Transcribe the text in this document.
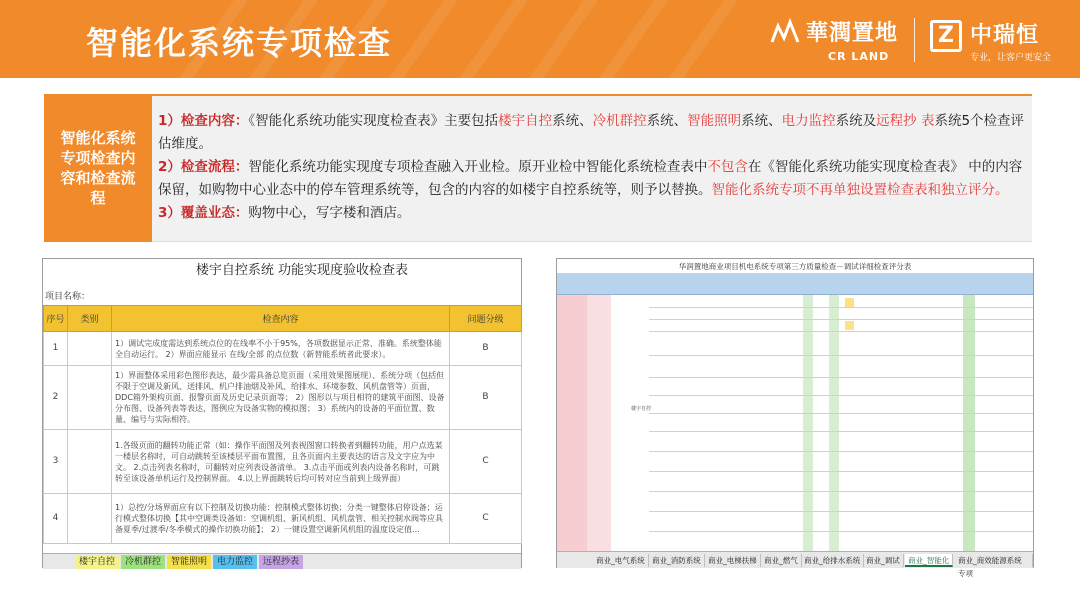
智能化系统专项检查	華潤置地
CR LAND
Z 中瑞恒
专业，让客户更安全
智能化系统专项检查内容和检查流程
1）检查内容：《智能化系统功能实现度检查表》主要包括楼宇自控系统、冷机群控系统、智能照明系统、电力监控系统及远程抄 表系统5个检查评估维度。
2）检查流程：智能化系统功能实现度专项检查融入开业检。原开业检中智能化系统检查表中不包含在《智能化系统功能实现度检查表》 中的内容保留，如购物中心业态中的停车管理系统等，包含的内容的如楼宇自控系统等，则予以替换。智能化系统专项不再单独设置检查表和独立评分。
3）覆盖业态：购物中心，写字楼和酒店。
楼宇自控系统 功能实现度验收检查表
项目名称：
序号	类别	检查内容	问题分级
1		1）调试完成度需达到系统点位的在线率不小于95%，各项数据显示正常、准确。系统整体能全自动运行。 2）界面应能显示 在线/全部 的点位数（新替能系统者此要求）。	B
2		1）界面整体采用彩色图形表达，最少需具备总览页面（采用效果图展现）、系统分项（包括但不限于空调及新风、送排风、机户排油烟及补风、给排水、环境参数、风机盘管等）页面，DDC箱外架构页面、报警页面及历史记录页面等； 2）图形以与项目相符的建筑平面图、设备分布图、设备列表等表达，图例应为设备实物的模拟图； 3）系统内的设备的平面位置、数量、编号与实际相符。	B
3		1.各级页面的翻转功能正常（如：操作平面图及列表视图窗口转换者到翻转功能，用户点选某一楼层名称时，可自动跳转至该楼层平面布置图，且各页面内主要表达的语言及文字应为中文。 2.点击列表名称时，可翻转对应列表设备清单。 3.点击平面或列表内设备名称时，可跳转至该设备单机运行及控制界面。 4.以上界面跳转后均可转对应当前到上级界面）	C
4		1）总控/分场界面应有以下控制及切换功能：控制模式整体切换；分类一键整体启停设备；运行模式整体切换【其中空调类设备如：空调机组、新风机组、风机盘管、相关控制水阀等应具备夏季/过渡季/冬季模式的操作切换功能】； 2）一键设置空调新风机组的温度设定值...	C
楼宇自控	冷机群控	智能照明	电力监控	远程抄表
华润置地商业项目机电系统专项第三方质量检查－调试详细检查评分表
楼宇自控
商业_电气系统 商业_消防系统 商业_电梯扶梯 商业_燃气 商业_给排水系统 商业_调试	商业_智能化	商业_商效能源系统专项
